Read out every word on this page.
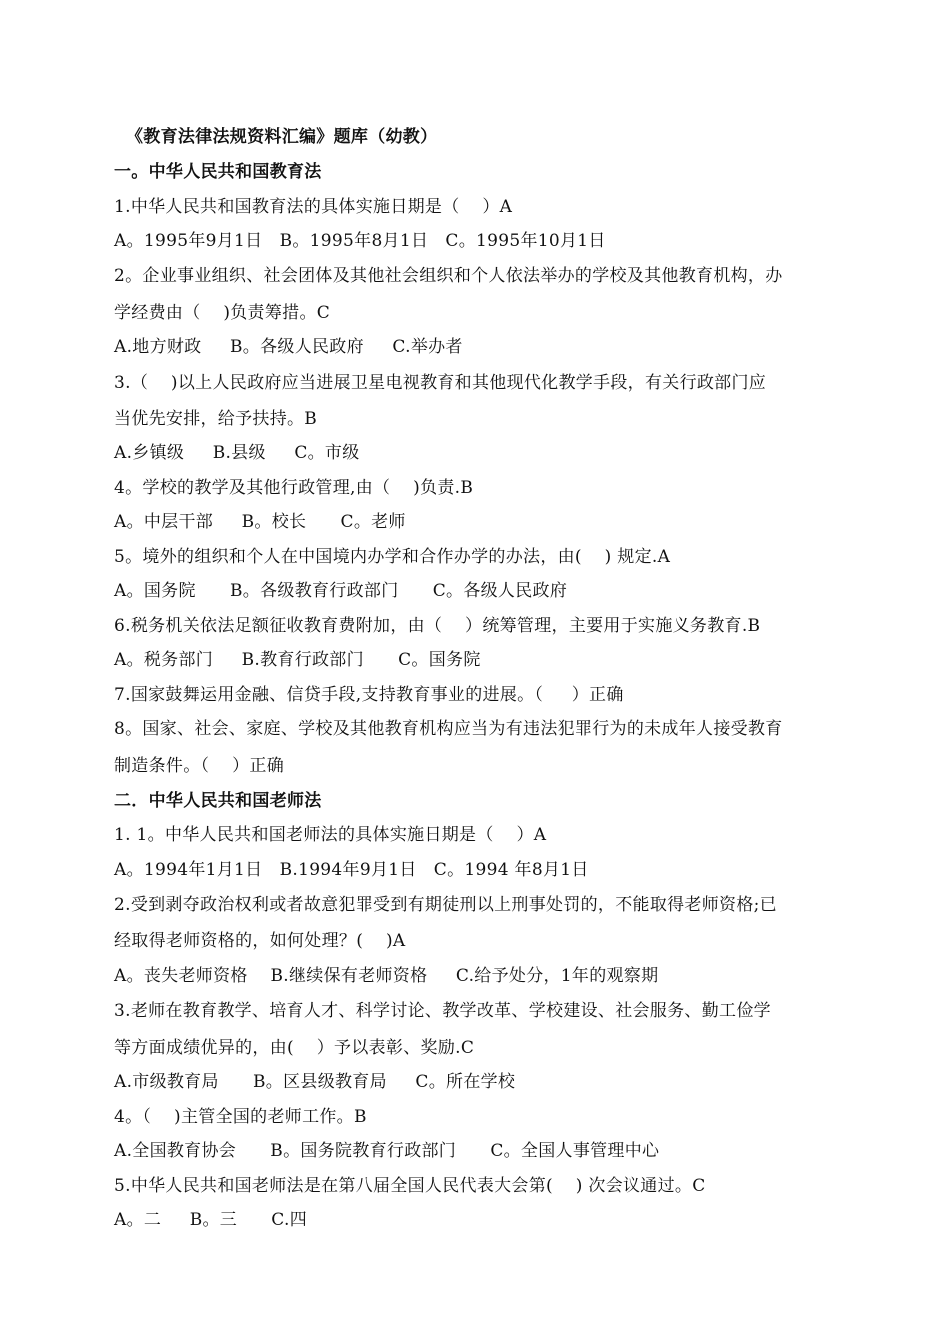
《教育法律法规资料汇编》题库（幼教）
一。中华人民共和国教育法
1.中华人民共和国教育法的具体实施日期是（    ）A
A。1995年9月1日   B。1995年8月1日   C。1995年10月1日
2。企业事业组织、社会团体及其他社会组织和个人依法举办的学校及其他教育机构，办
学经费由（    )负责筹措。C
A.地方财政     B。各级人民政府     C.举办者
3.（    )以上人民政府应当进展卫星电视教育和其他现代化教学手段，有关行政部门应
当优先安排，给予扶持。B
A.乡镇级     B.县级     C。市级
4。学校的教学及其他行政管理,由（    )负责.B
A。中层干部     B。校长      C。老师
5。境外的组织和个人在中国境内办学和合作办学的办法，由(    ) 规定.A
A。国务院      B。各级教育行政部门      C。各级人民政府
6.税务机关依法足额征收教育费附加，由（    ）统筹管理，主要用于实施义务教育.B
A。税务部门     B.教育行政部门      C。国务院
7.国家鼓舞运用金融、信贷手段,支持教育事业的进展。（     ）正确
8。国家、社会、家庭、学校及其他教育机构应当为有违法犯罪行为的未成年人接受教育
制造条件。（    ）正确
二．中华人民共和国老师法
1. 1。中华人民共和国老师法的具体实施日期是（    ）A
A。1994年1月1日   B.1994年9月1日   C。1994 年8月1日
2.受到剥夺政治权利或者故意犯罪受到有期徒刑以上刑事处罚的，不能取得老师资格;已
经取得老师资格的，如何处理？(    )A
A。丧失老师资格    B.继续保有老师资格     C.给予处分，1年的观察期
3.老师在教育教学、培育人才、科学讨论、教学改革、学校建设、社会服务、勤工俭学
等方面成绩优异的，由(    ）予以表彰、奖励.C
A.市级教育局      B。区县级教育局     C。所在学校
4。（    )主管全国的老师工作。B
A.全国教育协会      B。国务院教育行政部门      C。全国人事管理中心
5.中华人民共和国老师法是在第八届全国人民代表大会第(    ) 次会议通过。C
A。二     B。三      C.四
